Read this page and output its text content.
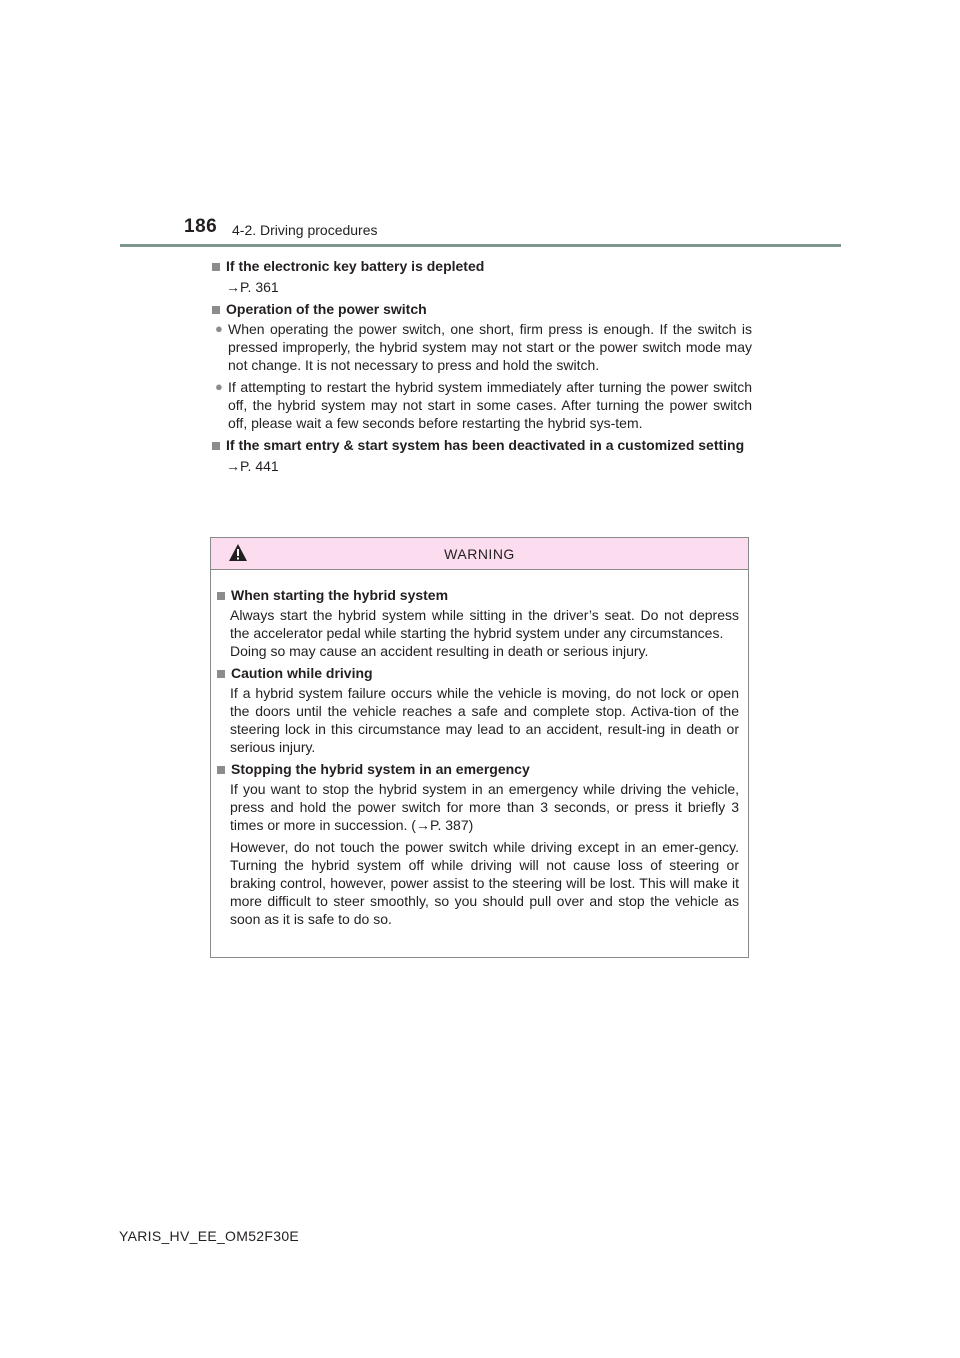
186 4-2. Driving procedures
If the electronic key battery is depleted
→P. 361
Operation of the power switch
● When operating the power switch, one short, firm press is enough. If the switch is pressed improperly, the hybrid system may not start or the power switch mode may not change. It is not necessary to press and hold the switch.
● If attempting to restart the hybrid system immediately after turning the power switch off, the hybrid system may not start in some cases. After turning the power switch off, please wait a few seconds before restarting the hybrid sys-tem.
If the smart entry & start system has been deactivated in a customized setting
→P. 441
WARNING
When starting the hybrid system
Always start the hybrid system while sitting in the driver’s seat. Do not depress the accelerator pedal while starting the hybrid system under any circumstances.
Doing so may cause an accident resulting in death or serious injury.
Caution while driving
If a hybrid system failure occurs while the vehicle is moving, do not lock or open the doors until the vehicle reaches a safe and complete stop. Activa-tion of the steering lock in this circumstance may lead to an accident, result-ing in death or serious injury.
Stopping the hybrid system in an emergency
If you want to stop the hybrid system in an emergency while driving the vehicle, press and hold the power switch for more than 3 seconds, or press it briefly 3 times or more in succession. (→P. 387)
However, do not touch the power switch while driving except in an emer-gency. Turning the hybrid system off while driving will not cause loss of steering or braking control, however, power assist to the steering will be lost. This will make it more difficult to steer smoothly, so you should pull over and stop the vehicle as soon as it is safe to do so.
YARIS_HV_EE_OM52F30E
